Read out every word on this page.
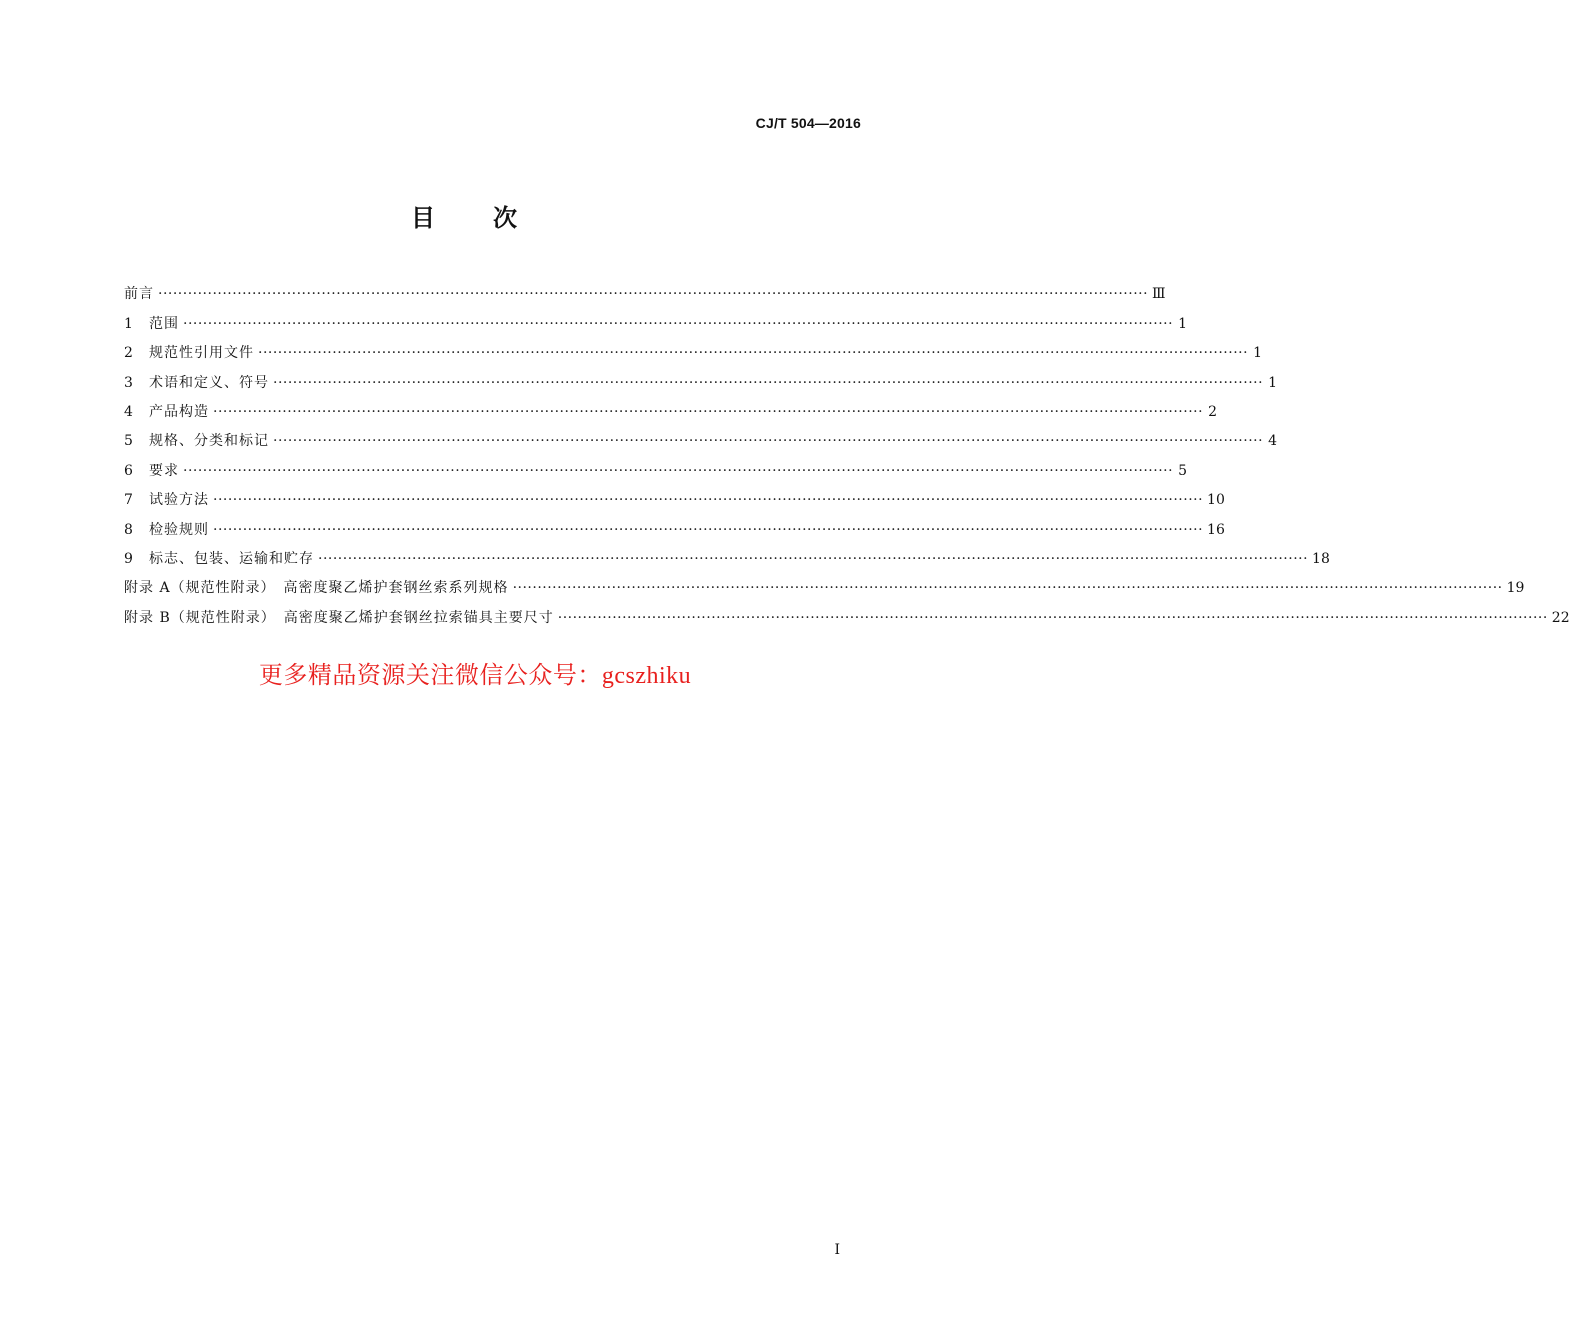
CJ/T 504—2016
目次
前言 ········································································································································································································ Ⅲ
1	范围 ········································································································································································································ 1
2	规范性引用文件 ········································································································································································································ 1
3	术语和定义、符号 ········································································································································································································ 1
4	产品构造 ········································································································································································································ 2
5	规格、分类和标记 ········································································································································································································ 4
6	要求 ········································································································································································································ 5
7	试验方法 ········································································································································································································ 10
8	检验规则 ········································································································································································································ 16
9	标志、包装、运输和贮存 ········································································································································································································ 18
附录 A（规范性附录）　高密度聚乙烯护套钢丝索系列规格 ········································································································································································································ 19
附录 B（规范性附录）　高密度聚乙烯护套钢丝拉索锚具主要尺寸 ········································································································································································································ 22
更多精品资源关注微信公众号：gcszhiku
I
